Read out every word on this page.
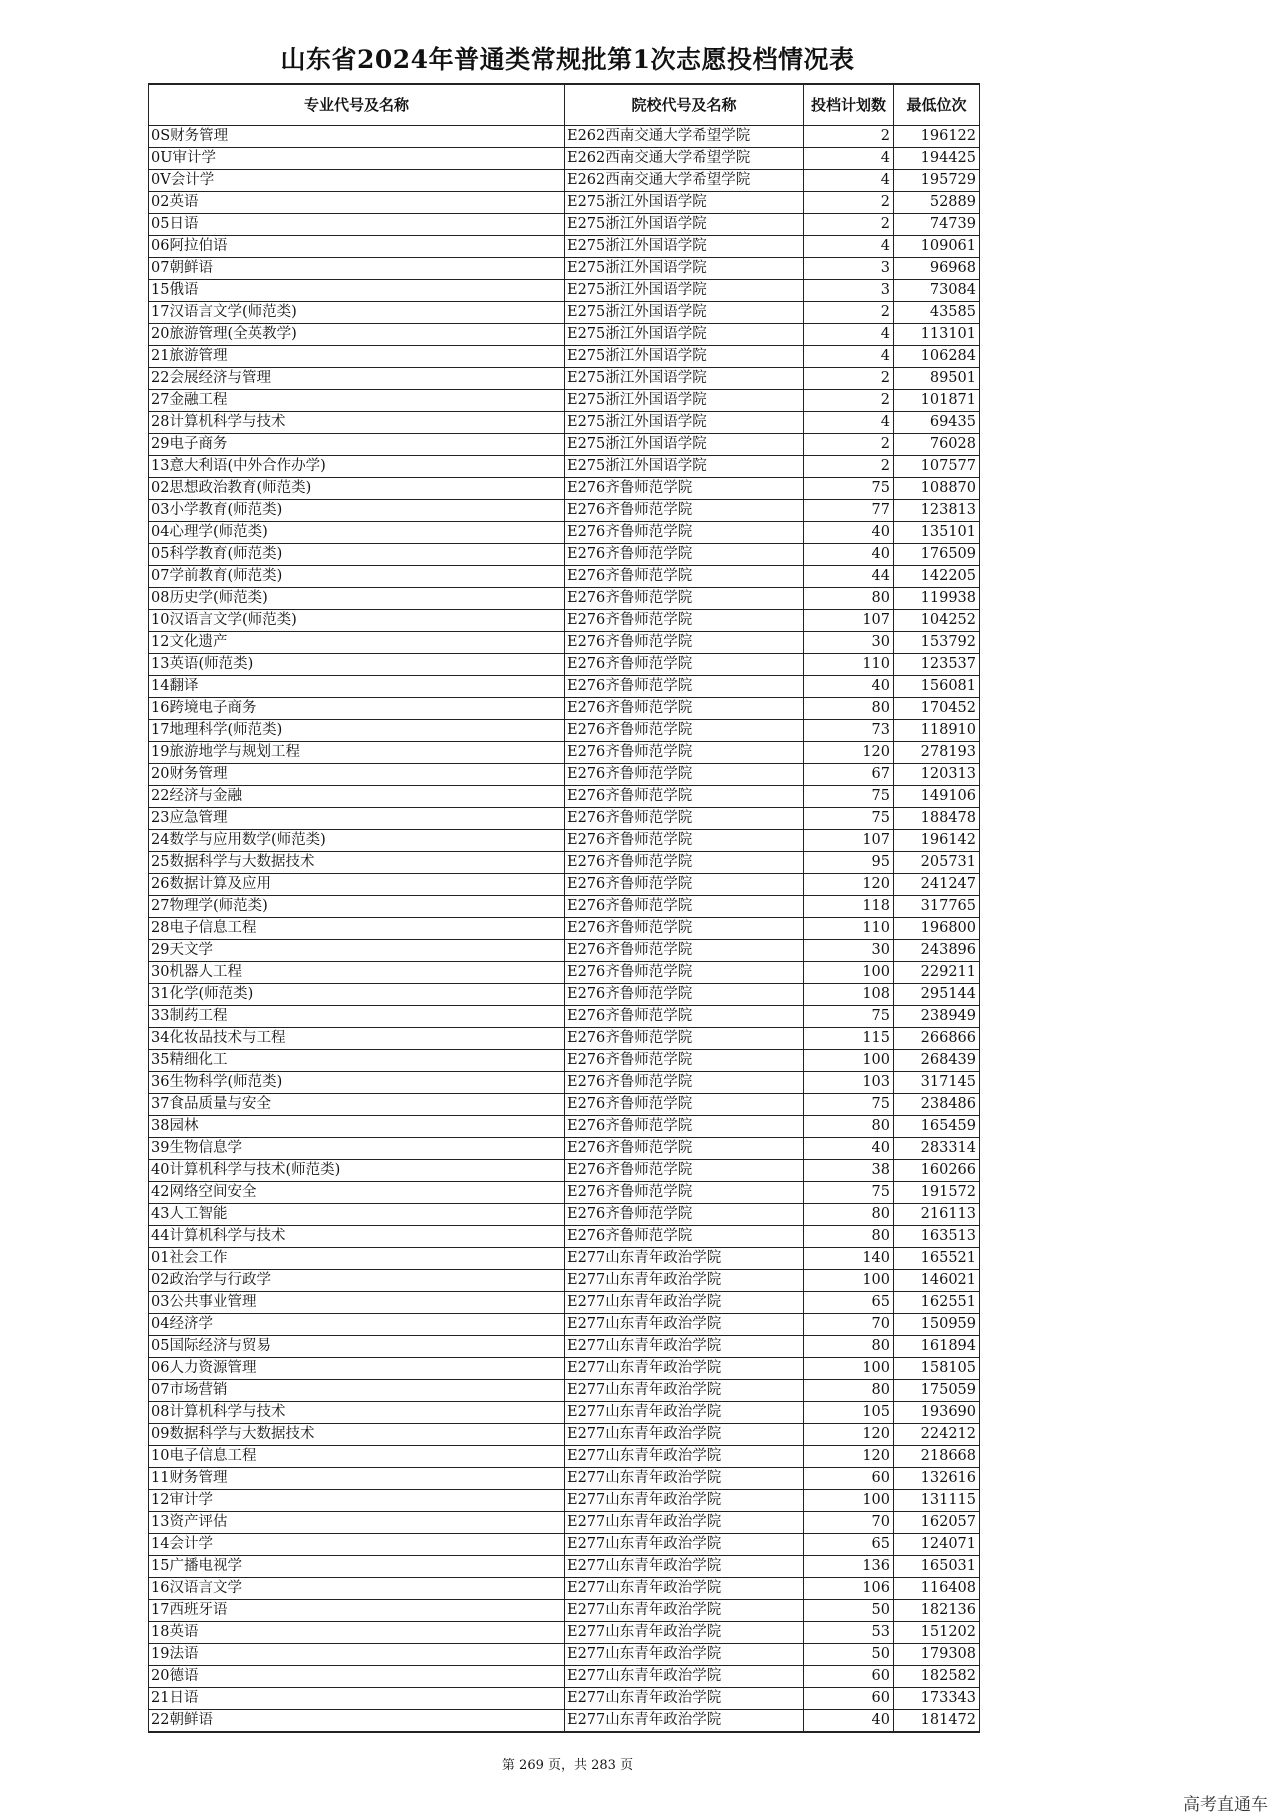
山东省2024年普通类常规批第1次志愿投档情况表
专业代号及名称	院校代号及名称	投档计划数	最低位次
0S财务管理	E262西南交通大学希望学院	2	196122
0U审计学	E262西南交通大学希望学院	4	194425
0V会计学	E262西南交通大学希望学院	4	195729
02英语	E275浙江外国语学院	2	52889
05日语	E275浙江外国语学院	2	74739
06阿拉伯语	E275浙江外国语学院	4	109061
07朝鲜语	E275浙江外国语学院	3	96968
15俄语	E275浙江外国语学院	3	73084
17汉语言文学(师范类)	E275浙江外国语学院	2	43585
20旅游管理(全英教学)	E275浙江外国语学院	4	113101
21旅游管理	E275浙江外国语学院	4	106284
22会展经济与管理	E275浙江外国语学院	2	89501
27金融工程	E275浙江外国语学院	2	101871
28计算机科学与技术	E275浙江外国语学院	4	69435
29电子商务	E275浙江外国语学院	2	76028
13意大利语(中外合作办学)	E275浙江外国语学院	2	107577
02思想政治教育(师范类)	E276齐鲁师范学院	75	108870
03小学教育(师范类)	E276齐鲁师范学院	77	123813
04心理学(师范类)	E276齐鲁师范学院	40	135101
05科学教育(师范类)	E276齐鲁师范学院	40	176509
07学前教育(师范类)	E276齐鲁师范学院	44	142205
08历史学(师范类)	E276齐鲁师范学院	80	119938
10汉语言文学(师范类)	E276齐鲁师范学院	107	104252
12文化遗产	E276齐鲁师范学院	30	153792
13英语(师范类)	E276齐鲁师范学院	110	123537
14翻译	E276齐鲁师范学院	40	156081
16跨境电子商务	E276齐鲁师范学院	80	170452
17地理科学(师范类)	E276齐鲁师范学院	73	118910
19旅游地学与规划工程	E276齐鲁师范学院	120	278193
20财务管理	E276齐鲁师范学院	67	120313
22经济与金融	E276齐鲁师范学院	75	149106
23应急管理	E276齐鲁师范学院	75	188478
24数学与应用数学(师范类)	E276齐鲁师范学院	107	196142
25数据科学与大数据技术	E276齐鲁师范学院	95	205731
26数据计算及应用	E276齐鲁师范学院	120	241247
27物理学(师范类)	E276齐鲁师范学院	118	317765
28电子信息工程	E276齐鲁师范学院	110	196800
29天文学	E276齐鲁师范学院	30	243896
30机器人工程	E276齐鲁师范学院	100	229211
31化学(师范类)	E276齐鲁师范学院	108	295144
33制药工程	E276齐鲁师范学院	75	238949
34化妆品技术与工程	E276齐鲁师范学院	115	266866
35精细化工	E276齐鲁师范学院	100	268439
36生物科学(师范类)	E276齐鲁师范学院	103	317145
37食品质量与安全	E276齐鲁师范学院	75	238486
38园林	E276齐鲁师范学院	80	165459
39生物信息学	E276齐鲁师范学院	40	283314
40计算机科学与技术(师范类)	E276齐鲁师范学院	38	160266
42网络空间安全	E276齐鲁师范学院	75	191572
43人工智能	E276齐鲁师范学院	80	216113
44计算机科学与技术	E276齐鲁师范学院	80	163513
01社会工作	E277山东青年政治学院	140	165521
02政治学与行政学	E277山东青年政治学院	100	146021
03公共事业管理	E277山东青年政治学院	65	162551
04经济学	E277山东青年政治学院	70	150959
05国际经济与贸易	E277山东青年政治学院	80	161894
06人力资源管理	E277山东青年政治学院	100	158105
07市场营销	E277山东青年政治学院	80	175059
08计算机科学与技术	E277山东青年政治学院	105	193690
09数据科学与大数据技术	E277山东青年政治学院	120	224212
10电子信息工程	E277山东青年政治学院	120	218668
11财务管理	E277山东青年政治学院	60	132616
12审计学	E277山东青年政治学院	100	131115
13资产评估	E277山东青年政治学院	70	162057
14会计学	E277山东青年政治学院	65	124071
15广播电视学	E277山东青年政治学院	136	165031
16汉语言文学	E277山东青年政治学院	106	116408
17西班牙语	E277山东青年政治学院	50	182136
18英语	E277山东青年政治学院	53	151202
19法语	E277山东青年政治学院	50	179308
20德语	E277山东青年政治学院	60	182582
21日语	E277山东青年政治学院	60	173343
22朝鲜语	E277山东青年政治学院	40	181472
第 269 页，共 283 页
高考直通车
